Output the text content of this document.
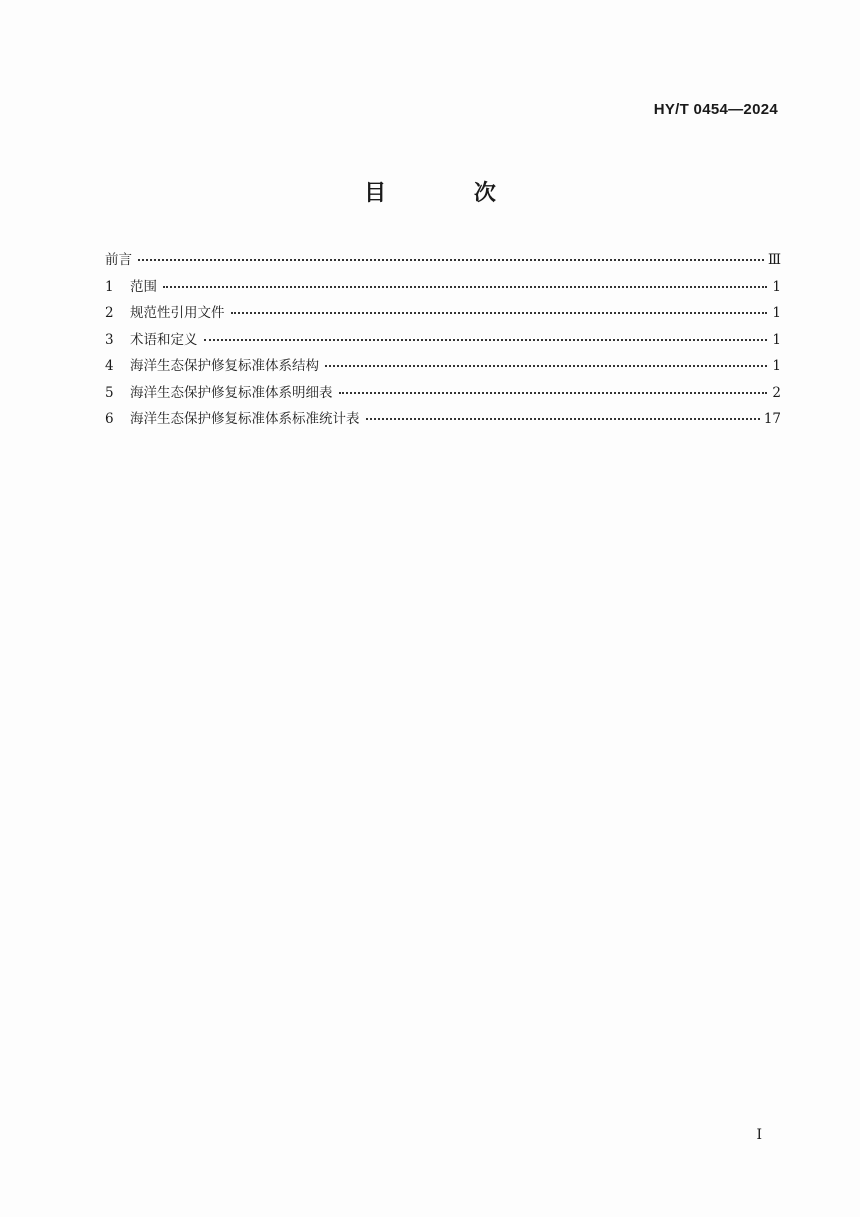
HY/T 0454—2024
目 次
前言	Ⅲ
1	范围	1
2	规范性引用文件	1
3	术语和定义	1
4	海洋生态保护修复标准体系结构	1
5	海洋生态保护修复标准体系明细表	2
6	海洋生态保护修复标准体系标准统计表	17
I
